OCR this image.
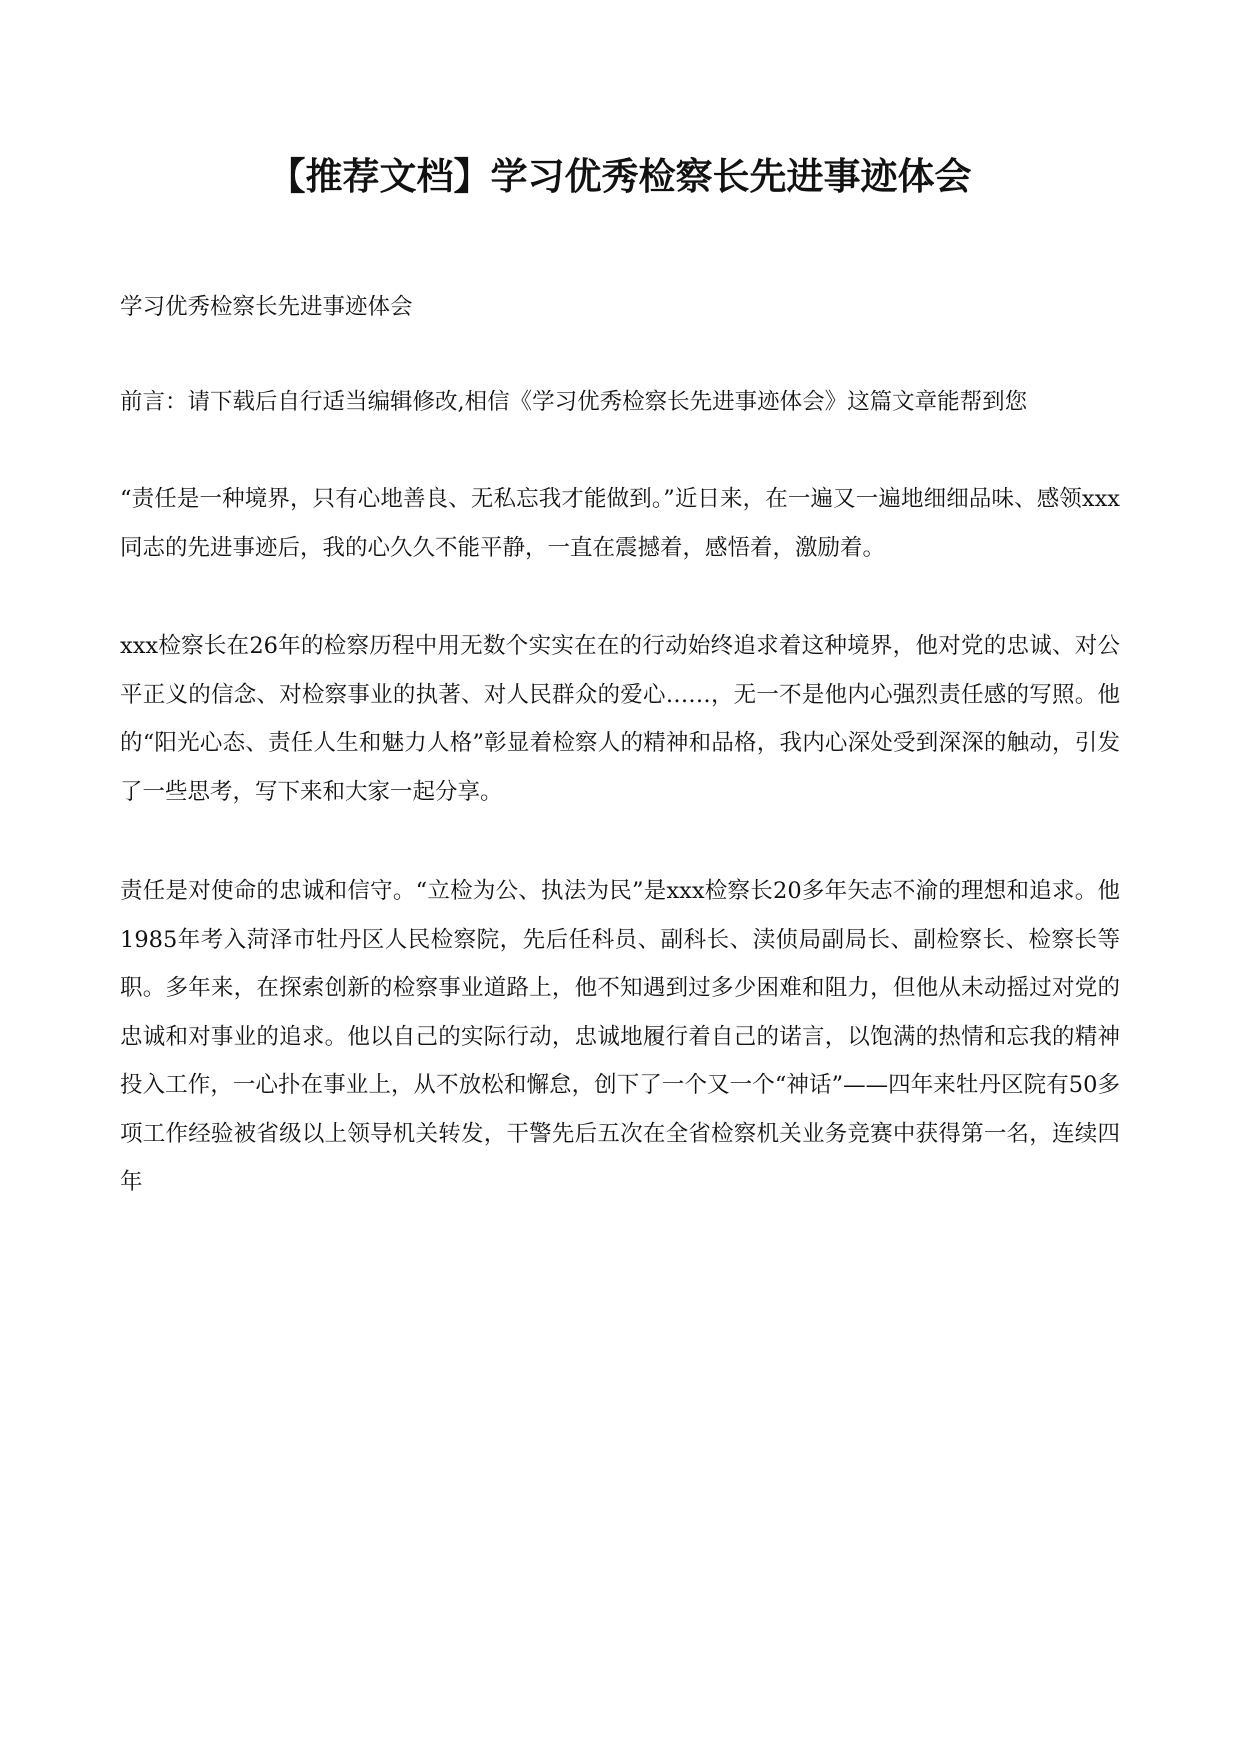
【推荐文档】学习优秀检察长先进事迹体会
学习优秀检察长先进事迹体会
前言：请下载后自行适当编辑修改,相信《学习优秀检察长先进事迹体会》这篇文章能帮到您
“责任是一种境界，只有心地善良、无私忘我才能做到。”近日来，在一遍又一遍地细细品味、感领xxx同志的先进事迹后，我的心久久不能平静，一直在震撼着，感悟着，激励着。
xxx检察长在26年的检察历程中用无数个实实在在的行动始终追求着这种境界，他对党的忠诚、对公平正义的信念、对检察事业的执著、对人民群众的爱心……，无一不是他内心强烈责任感的写照。他的“阳光心态、责任人生和魅力人格”彰显着检察人的精神和品格，我内心深处受到深深的触动，引发了一些思考，写下来和大家一起分享。
责任是对使命的忠诚和信守。“立检为公、执法为民”是xxx检察长20多年矢志不渝的理想和追求。他1985年考入菏泽市牡丹区人民检察院，先后任科员、副科长、渎侦局副局长、副检察长、检察长等职。多年来，在探索创新的检察事业道路上，他不知遇到过多少困难和阻力，但他从未动摇过对党的忠诚和对事业的追求。他以自己的实际行动，忠诚地履行着自己的诺言，以饱满的热情和忘我的精神投入工作，一心扑在事业上，从不放松和懈怠，创下了一个又一个“神话”——四年来牡丹区院有50多项工作经验被省级以上领导机关转发，干警先后五次在全省检察机关业务竞赛中获得第一名，连续四年
